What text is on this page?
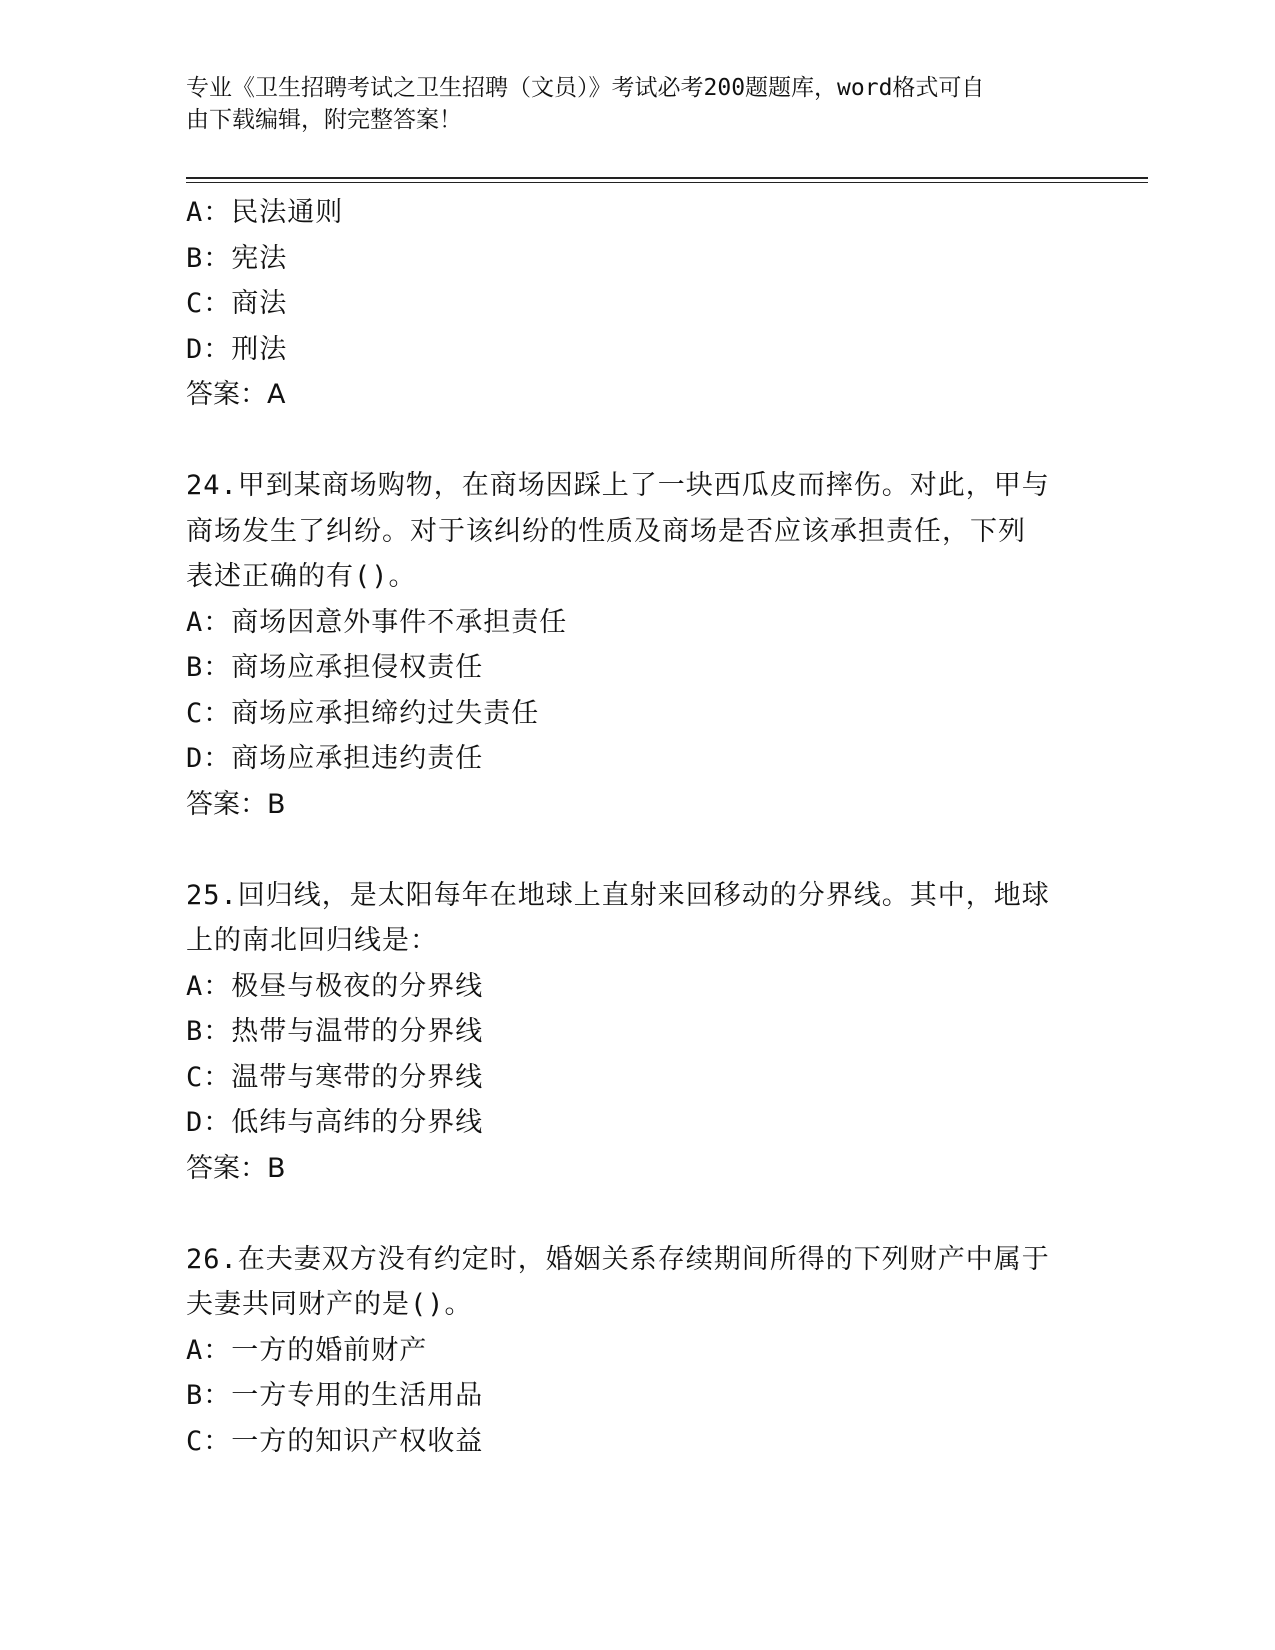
专业《卫生招聘考试之卫生招聘（文员）》考试必考200题题库，word格式可自
由下载编辑，附完整答案！
A：民法通则
B：宪法
C：商法
D：刑法
答案：A
24.甲到某商场购物，在商场因踩上了一块西瓜皮而摔伤。对此，甲与
商场发生了纠纷。对于该纠纷的性质及商场是否应该承担责任，下列
表述正确的有()。
A：商场因意外事件不承担责任
B：商场应承担侵权责任
C：商场应承担缔约过失责任
D：商场应承担违约责任
答案：B
25.回归线，是太阳每年在地球上直射来回移动的分界线。其中，地球
上的南北回归线是：
A：极昼与极夜的分界线
B：热带与温带的分界线
C：温带与寒带的分界线
D：低纬与高纬的分界线
答案：B
26.在夫妻双方没有约定时，婚姻关系存续期间所得的下列财产中属于
夫妻共同财产的是()。
A：一方的婚前财产
B：一方专用的生活用品
C：一方的知识产权收益
